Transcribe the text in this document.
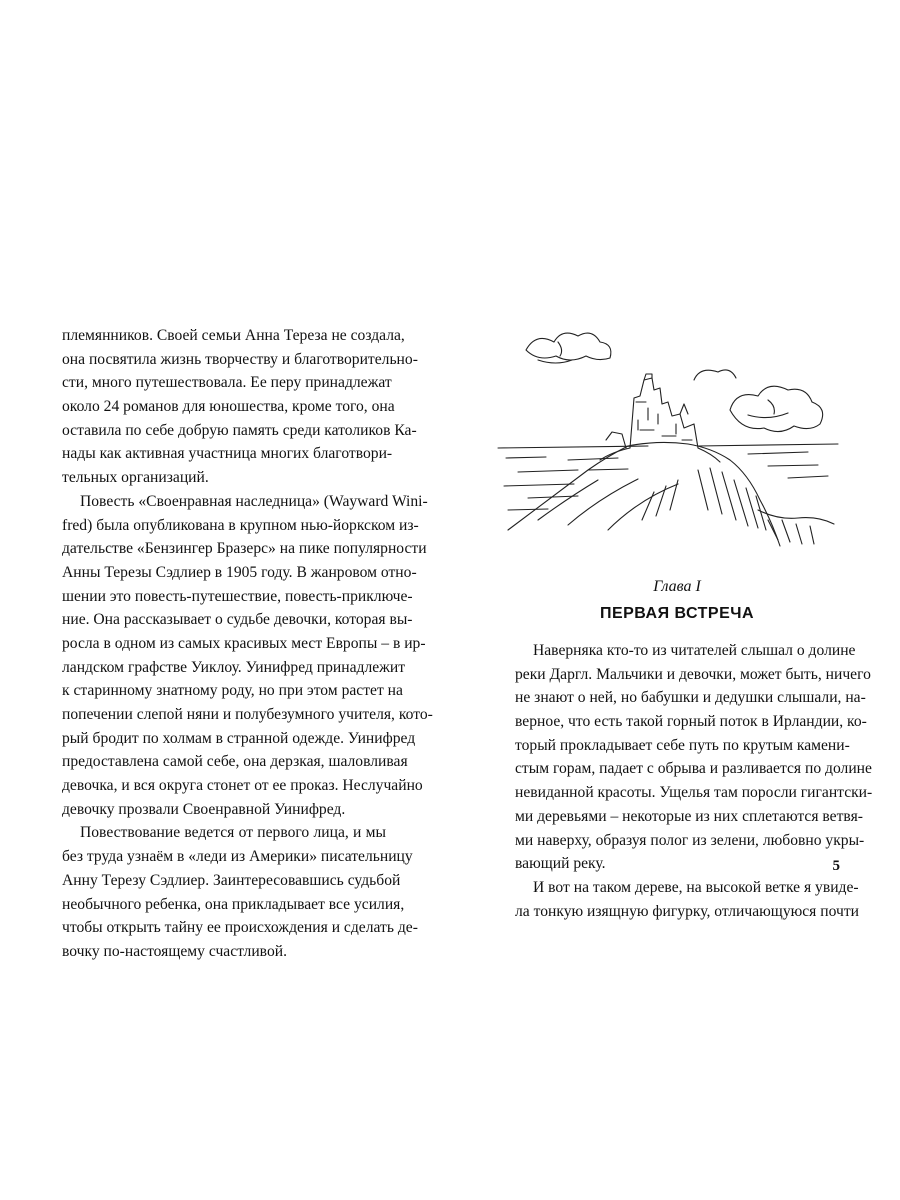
племянников. Своей семьи Анна Тереза не создала,
она посвятила жизнь творчеству и благотворительно-
сти, много путешествовала. Ее перу принадлежат
около 24 романов для юношества, кроме того, она
оставила по себе добрую память среди католиков Ка-
нады как активная участница многих благотвори-
тельных организаций.
Повесть «Своенравная наследница» (Wayward Wini-
fred) была опубликована в крупном нью-йоркском из-
дательстве «Бензингер Бразерс» на пике популярности
Анны Терезы Сэдлиер в 1905 году. В жанровом отно-
шении это повесть-путешествие, повесть-приключе-
ние. Она рассказывает о судьбе девочки, которая вы-
росла в одном из самых красивых мест Европы – в ир-
ландском графстве Уиклоу. Уинифред принадлежит
к старинному знатному роду, но при этом растет на
попечении слепой няни и полубезумного учителя, кото-
рый бродит по холмам в странной одежде. Уинифред
предоставлена самой себе, она дерзкая, шаловливая
девочка, и вся округа стонет от ее проказ. Неслучайно
девочку прозвали Своенравной Уинифред.
Повествование ведется от первого лица, и мы
без труда узнаём в «леди из Америки» писательницу
Анну Терезу Сэдлиер. Заинтересовавшись судьбой
необычного ребенка, она прикладывает все усилия,
чтобы открыть тайну ее происхождения и сделать де-
вочку по-настоящему счастливой.
Глава I
ПЕРВАЯ ВСТРЕЧА
Наверняка кто-то из читателей слышал о долине
реки Даргл. Мальчики и девочки, может быть, ничего
не знают о ней, но бабушки и дедушки слышали, на-
верное, что есть такой горный поток в Ирландии, ко-
торый прокладывает себе путь по крутым камени-
стым горам, падает с обрыва и разливается по долине
невиданной красоты. Ущелья там поросли гигантски-
ми деревьями – некоторые из них сплетаются ветвя-
ми наверху, образуя полог из зелени, любовно укры-
вающий реку.
И вот на таком дереве, на высокой ветке я увиде-
ла тонкую изящную фигурку, отличающуюся почти
5
